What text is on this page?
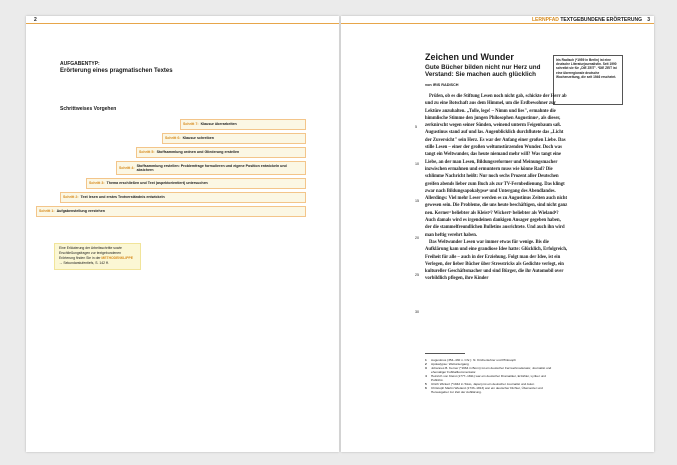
2
AUFGABENTYP:
Erörterung eines pragmatischen Textes
Schrittweises Vorgehen
Schritt 7: Klausur überarbeiten
Schritt 6: Klausur schreiben
Schritt 5: Stoffsammlung ordnen und Gliederung erstellen
Schritt 4:
Stoffsammlung erstellen: Problemfrage formulieren und eigene Position entwickeln und absichern
Schritt 3: Thema erschließen und Text (aspektorientiert) untersuchen
Schritt 2: Text lesen und erstes Textverständnis entwickeln
Schritt 1: Aufgabenstellung verstehen
Eine Erläuterung der Arbeitsschritte sowie Erschließungsfragen zur textgebundenen Erörterung finden Sie in der METHODENKLIPPE → Sekundarstufentiefs, S. 142 ff.
LERNPFAD TEXTGEBUNDENE ERÖRTERUNG 3
Zeichen und Wunder
Gute Bücher bilden nicht nur Herz und Verstand: Sie machen auch glücklich
von IRIS RADISCH
Iris Radisch (*1959 in Berlin) ist eine deutsche Literaturjournalistin. Seit 1990 schreibt sie für „DIE ZEIT". *DIE ZEIT ist eine überregionale deutsche Wochenzeitung, die seit 1946 erscheint.
5
10
15
20
25
30

Prüfen, ob es die Stiftung Lesen noch nicht gab, schickte der Herr ab und zu eine Botschaft aus dem Himmel, um die Erdbewohner zur Lektüre anzuhalten. „Tolle, lege! – Nimm und lies", ermahnte die himmlische Stimme den jungen Philosophen Augustinus¹, als dieser, zerknirscht wegen seiner Sünden, weinend unterm Feigenbaum saß. Augustinus stand auf und las. Augenblicklich durchflutete das „Licht der Zuversicht" sein Herz. Es war der Anfang einer großen Liebe. Das stille Lesen – einer der großen weltumstürzenden Wunder. Doch was tangt ein Weltwunder, das heute niemand mehr will? Was tangt eine Liebe, an der man Lesen, Bildungsreformer und Meinungsmacher inzwischen ermahnen und ermuntern muss wie könne Rad? Die schlimme Nachricht heißt: Nur noch sechs Prozent aller Deutschen greifen abends lieber zum Buch als zur TV-Fernbedienung. Das klingt zwar nach Bildungsapokalypse² und Untergang des Abendlandes. Allerdings: Viel mehr Leser werden es zu Augustinus Zeiten auch nicht gewesen sein. Die Probleme, die uns heute beschäftigen, sind nicht ganz neu. Kerner³ beliebter als Kleist⁴? Wickert⁵ beliebter als Wieland⁶? Auch damals wird es irgendeinen dankigen Ansager gegeben haben, der die stammelfreundlichen Bulletins ausrichtete. Und auch ihn wird man heftig verehrt haben.

Das Weltwunder Lesen war immer etwas für wenige. Bis die Aufklärung kam und eine grandiose Idee hatte: Glücklich, Erfolgreich, Freiheit für alle – auch in der Erziehung. Folgt man der Idee, ist ein Verlegen, der lieber Bücher über Stresstricks als Gedichte verlegt, ein kultureller Geschäftsmacher und sind Bürger, die ihr Automobil over vorbildlich pflegen, ihre Kinder

1	Augustinus (354–430 n. Chr.): hl. Kirchenlehrer und Philosoph
2	Apokalypse: Weltuntergang
3	Johannes B. Kerner (*1964 in Bonn) ist ein deutscher Fernsehmoderator, Journalist und ehemaliger Fußballkommentator.
4	Heinrich von Kleist (1777–1811) war ein deutscher Dramatiker, Erzähler, Lyriker und Publizist.
5	Ulrich Wickert (*1942 in Tokio, Japan) ist ein deutscher Journalist und Autor.
6	Christoph Martin Wieland (1733–1813) war ein deutscher Dichter, Übersetzer und Herausgeber zur Zeit der Aufklärung.
